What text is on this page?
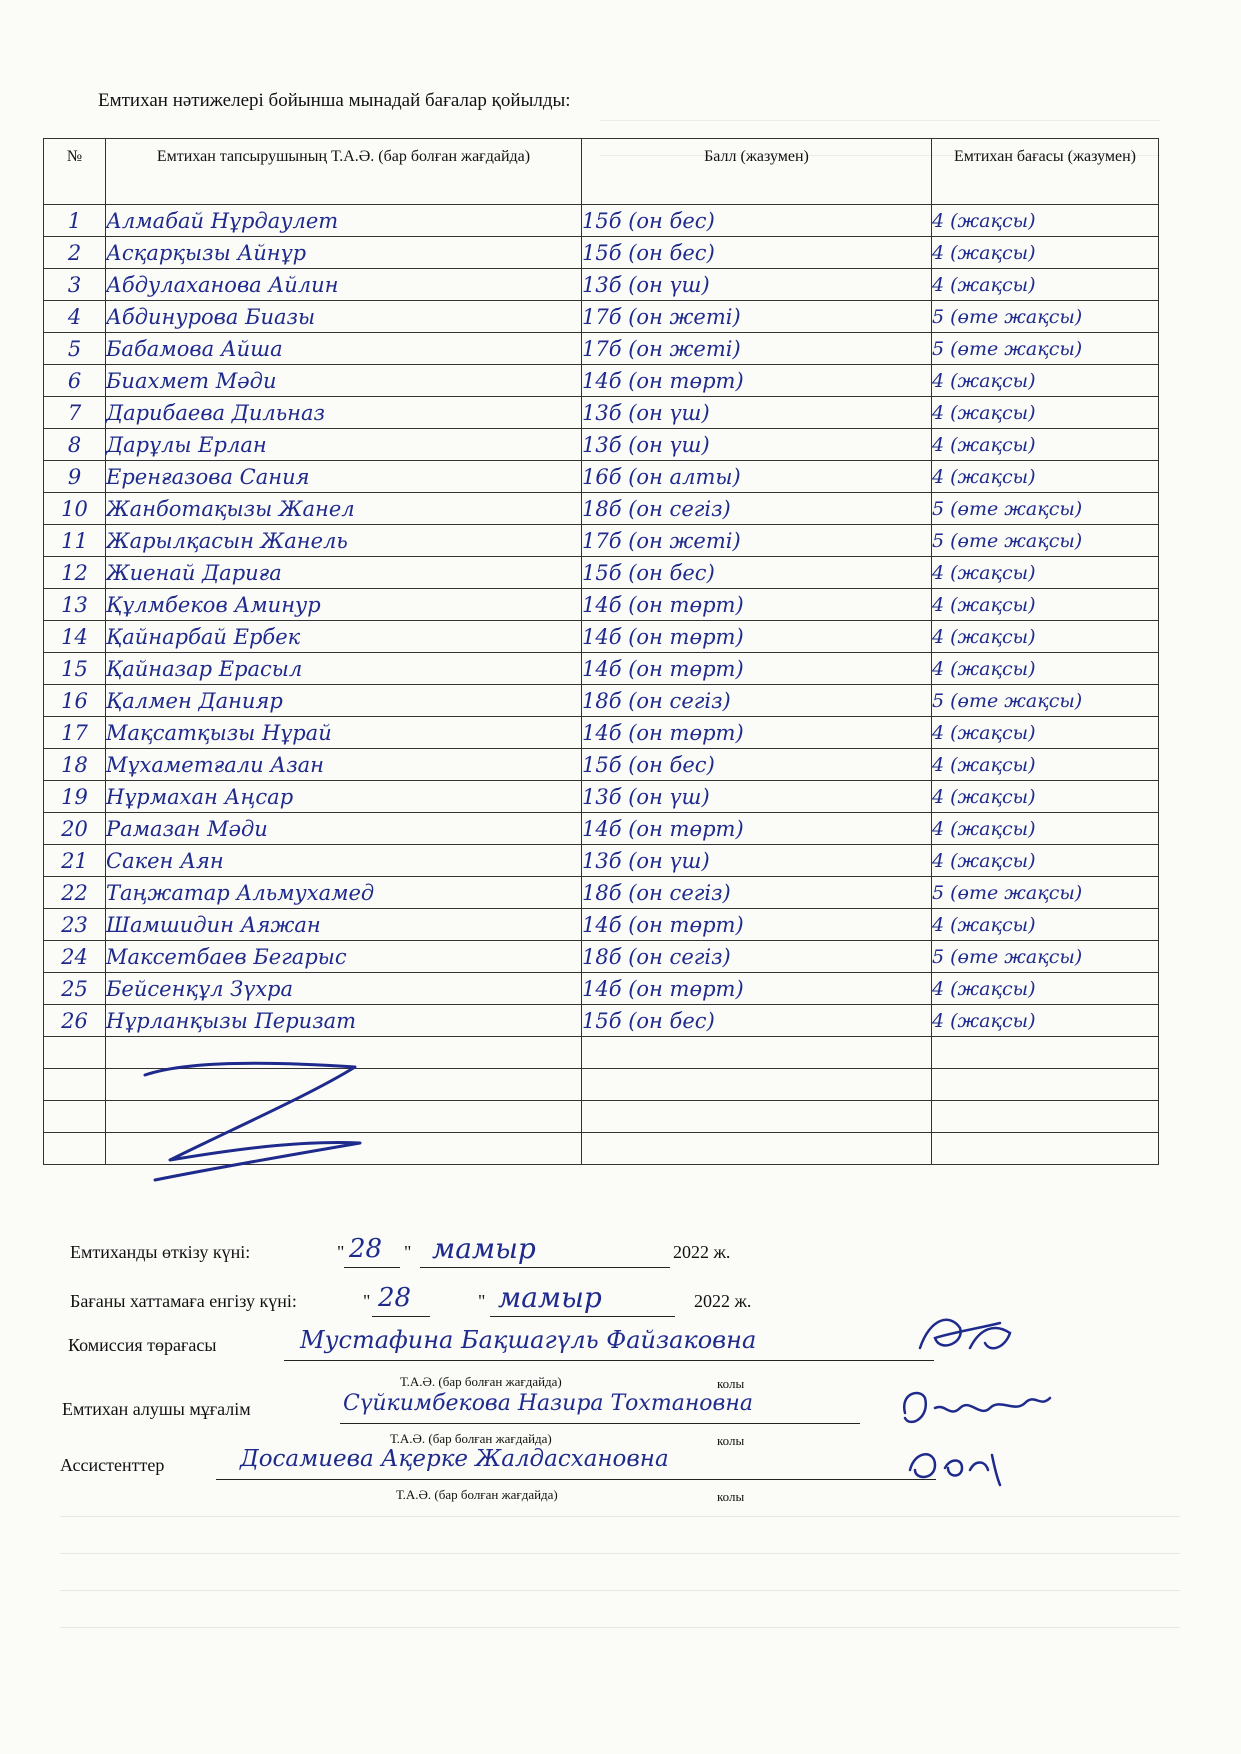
Емтихан нәтижелері бойынша мынадай бағалар қойылды:
№	Емтихан тапсырушының Т.А.Ә. (бар болған жағдайда)	Балл (жазумен)	Емтихан бағасы (жазумен)
1	Алмабай Нұрдаулет	15б (он бес)	4 (жақсы)
2	Асқарқызы Айнұр	15б (он бес)	4 (жақсы)
3	Абдулаханова Айлин	13б (он үш)	4 (жақсы)
4	Абдинурова Биазы	17б (он жеті)	5 (өте жақсы)
5	Бабамова Айша	17б (он жеті)	5 (өте жақсы)
6	Биахмет Мәди	14б (он төрт)	4 (жақсы)
7	Дарибаева Дильназ	13б (он үш)	4 (жақсы)
8	Дарұлы Ерлан	13б (он үш)	4 (жақсы)
9	Еренғазова Сания	16б (он алты)	4 (жақсы)
10	Жанботақызы Жанел	18б (он сегіз)	5 (өте жақсы)
11	Жарылқасын Жанель	17б (он жеті)	5 (өте жақсы)
12	Жиенай Дариға	15б (он бес)	4 (жақсы)
13	Құлмбеков Аминур	14б (он төрт)	4 (жақсы)
14	Қайнарбай Ербек	14б (он төрт)	4 (жақсы)
15	Қайназар Ерасыл	14б (он төрт)	4 (жақсы)
16	Қалмен Данияр	18б (он сегіз)	5 (өте жақсы)
17	Мақсатқызы Нұрай	14б (он төрт)	4 (жақсы)
18	Мұхаметғали Азан	15б (он бес)	4 (жақсы)
19	Нұрмахан Аңсар	13б (он үш)	4 (жақсы)
20	Рамазан Мәди	14б (он төрт)	4 (жақсы)
21	Сакен Аян	13б (он үш)	4 (жақсы)
22	Таңжатар Альмухамед	18б (он сегіз)	5 (өте жақсы)
23	Шамшидин Аяжан	14б (он төрт)	4 (жақсы)
24	Максетбаев Бегарыс	18б (он сегіз)	5 (өте жақсы)
25	Бейсенқұл Зүхра	14б (он төрт)	4 (жақсы)
26	Нұрланқызы Перизат	15б (он бес)	4 (жақсы)

Емтиханды өткізу күні:	" 28 " мамыр	2022 ж.
Бағаны хаттамаға енгізу күні:	" 28	" мамыр	2022 ж.
Комиссия төрағасы	Мустафина Бақшагүль Файзаковна
Т.А.Ә. (бар болған жағдайда)	колы
Емтихан алушы мұғалім	Сүйкимбекова Назира Тохтановна
Т.А.Ә. (бар болған жағдайда)	колы
Ассистенттер	Досамиева Ақерке Жалдасхановна
Т.А.Ә. (бар болған жағдайда)	колы
